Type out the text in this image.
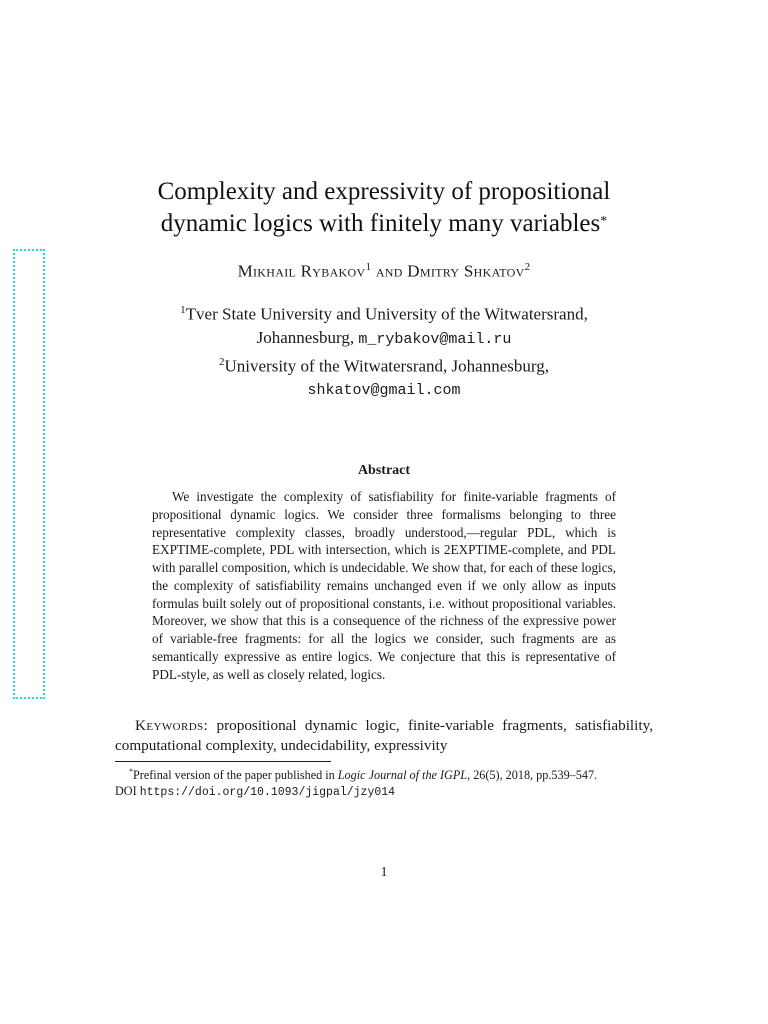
Complexity and expressivity of propositional
dynamic logics with finitely many variables*
Mikhail Rybakov$^1$ and Dmitry Shkatov$^2$
$^1$Tver State University and University of the Witwatersrand,
Johannesburg, m_rybakov@mail.ru
$^2$University of the Witwatersrand, Johannesburg,
shkatov@gmail.com
Abstract
We investigate the complexity of satisfiability for finite-variable fragments of propositional dynamic logics. We consider three formalisms belonging to three representative complexity classes, broadly understood,—regular PDL, which is EXPTIME-complete, PDL with intersection, which is 2EXPTIME-complete, and PDL with parallel composition, which is undecidable. We show that, for each of these logics, the complexity of satisfiability remains unchanged even if we only allow as inputs formulas built solely out of propositional constants, i.e. without propositional variables. Moreover, we show that this is a consequence of the richness of the expressive power of variable-free fragments: for all the logics we consider, such fragments are as semantically expressive as entire logics. We conjecture that this is representative of PDL-style, as well as closely related, logics.
Keywords: propositional dynamic logic, finite-variable fragments, satisfiability, computational complexity, undecidability, expressivity
*Prefinal version of the paper published in Logic Journal of the IGPL, 26(5), 2018, pp.539–547.
DOI https://doi.org/10.1093/jigpal/jzy014
1
